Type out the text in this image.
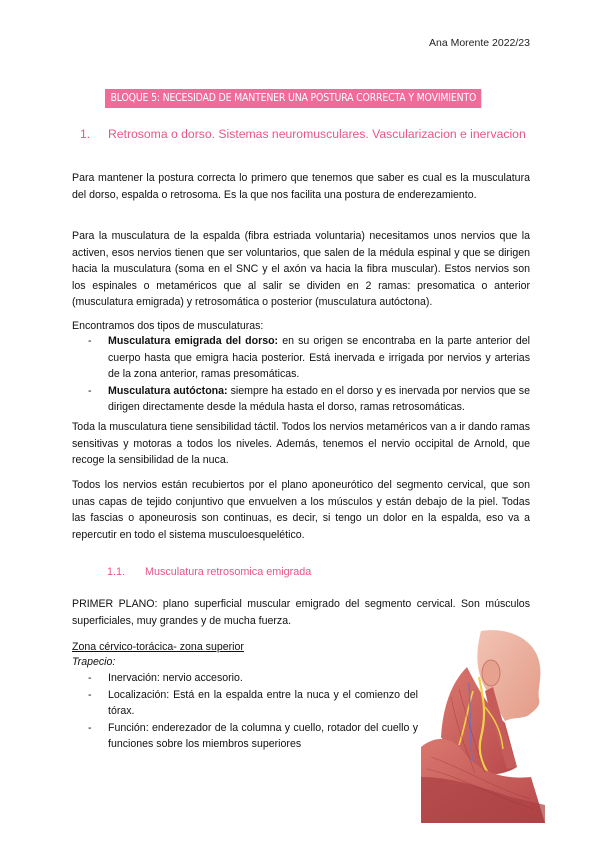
Ana Morente 2022/23
BLOQUE 5: NECESIDAD DE MANTENER UNA POSTURA CORRECTA Y MOVIMIENTO
1. Retrosoma o dorso. Sistemas neuromusculares. Vascularizacion e inervacion

Para mantener la postura correcta lo primero que tenemos que saber es cual es la musculatura del dorso, espalda o retrosoma. Es la que nos facilita una postura de enderezamiento.

Para la musculatura de la espalda (fibra estriada voluntaria) necesitamos unos nervios que la activen, esos nervios tienen que ser voluntarios, que salen de la médula espinal y que se dirigen hacia la musculatura (soma en el SNC y el axón va hacia la fibra muscular). Estos nervios son los espinales o metaméricos que al salir se dividen en 2 ramas: presomatica o anterior (musculatura emigrada) y retrosomática o posterior (musculatura autóctona).

Encontramos dos tipos de musculaturas:

- Musculatura emigrada del dorso: en su origen se encontraba en la parte anterior del cuerpo hasta que emigra hacia posterior. Está inervada e irrigada por nervios y arterias de la zona anterior, ramas presomáticas.
- Musculatura autóctona: siempre ha estado en el dorso y es inervada por nervios que se dirigen directamente desde la médula hasta el dorso, ramas retrosomáticas.

Toda la musculatura tiene sensibilidad táctil. Todos los nervios metaméricos van a ir dando ramas sensitivas y motoras a todos los niveles. Además, tenemos el nervio occipital de Arnold, que recoge la sensibilidad de la nuca.

Todos los nervios están recubiertos por el plano aponeurótico del segmento cervical, que son unas capas de tejido conjuntivo que envuelven a los músculos y están debajo de la piel. Todas las fascias o aponeurosis son continuas, es decir, si tengo un dolor en la espalda, eso va a repercutir en todo el sistema musculoesquelético.

1.1. Musculatura retrosomica emigrada

PRIMER PLANO: plano superficial muscular emigrado del segmento cervical. Son músculos superficiales, muy grandes y de mucha fuerza.

Zona cérvico-torácica- zona superior
Trapecio:
- Inervación: nervio accesorio.
- Localización: Está en la espalda entre la nuca y el comienzo del tórax.
- Función: enderezador de la columna y cuello, rotador del cuello y funciones sobre los miembros superiores
